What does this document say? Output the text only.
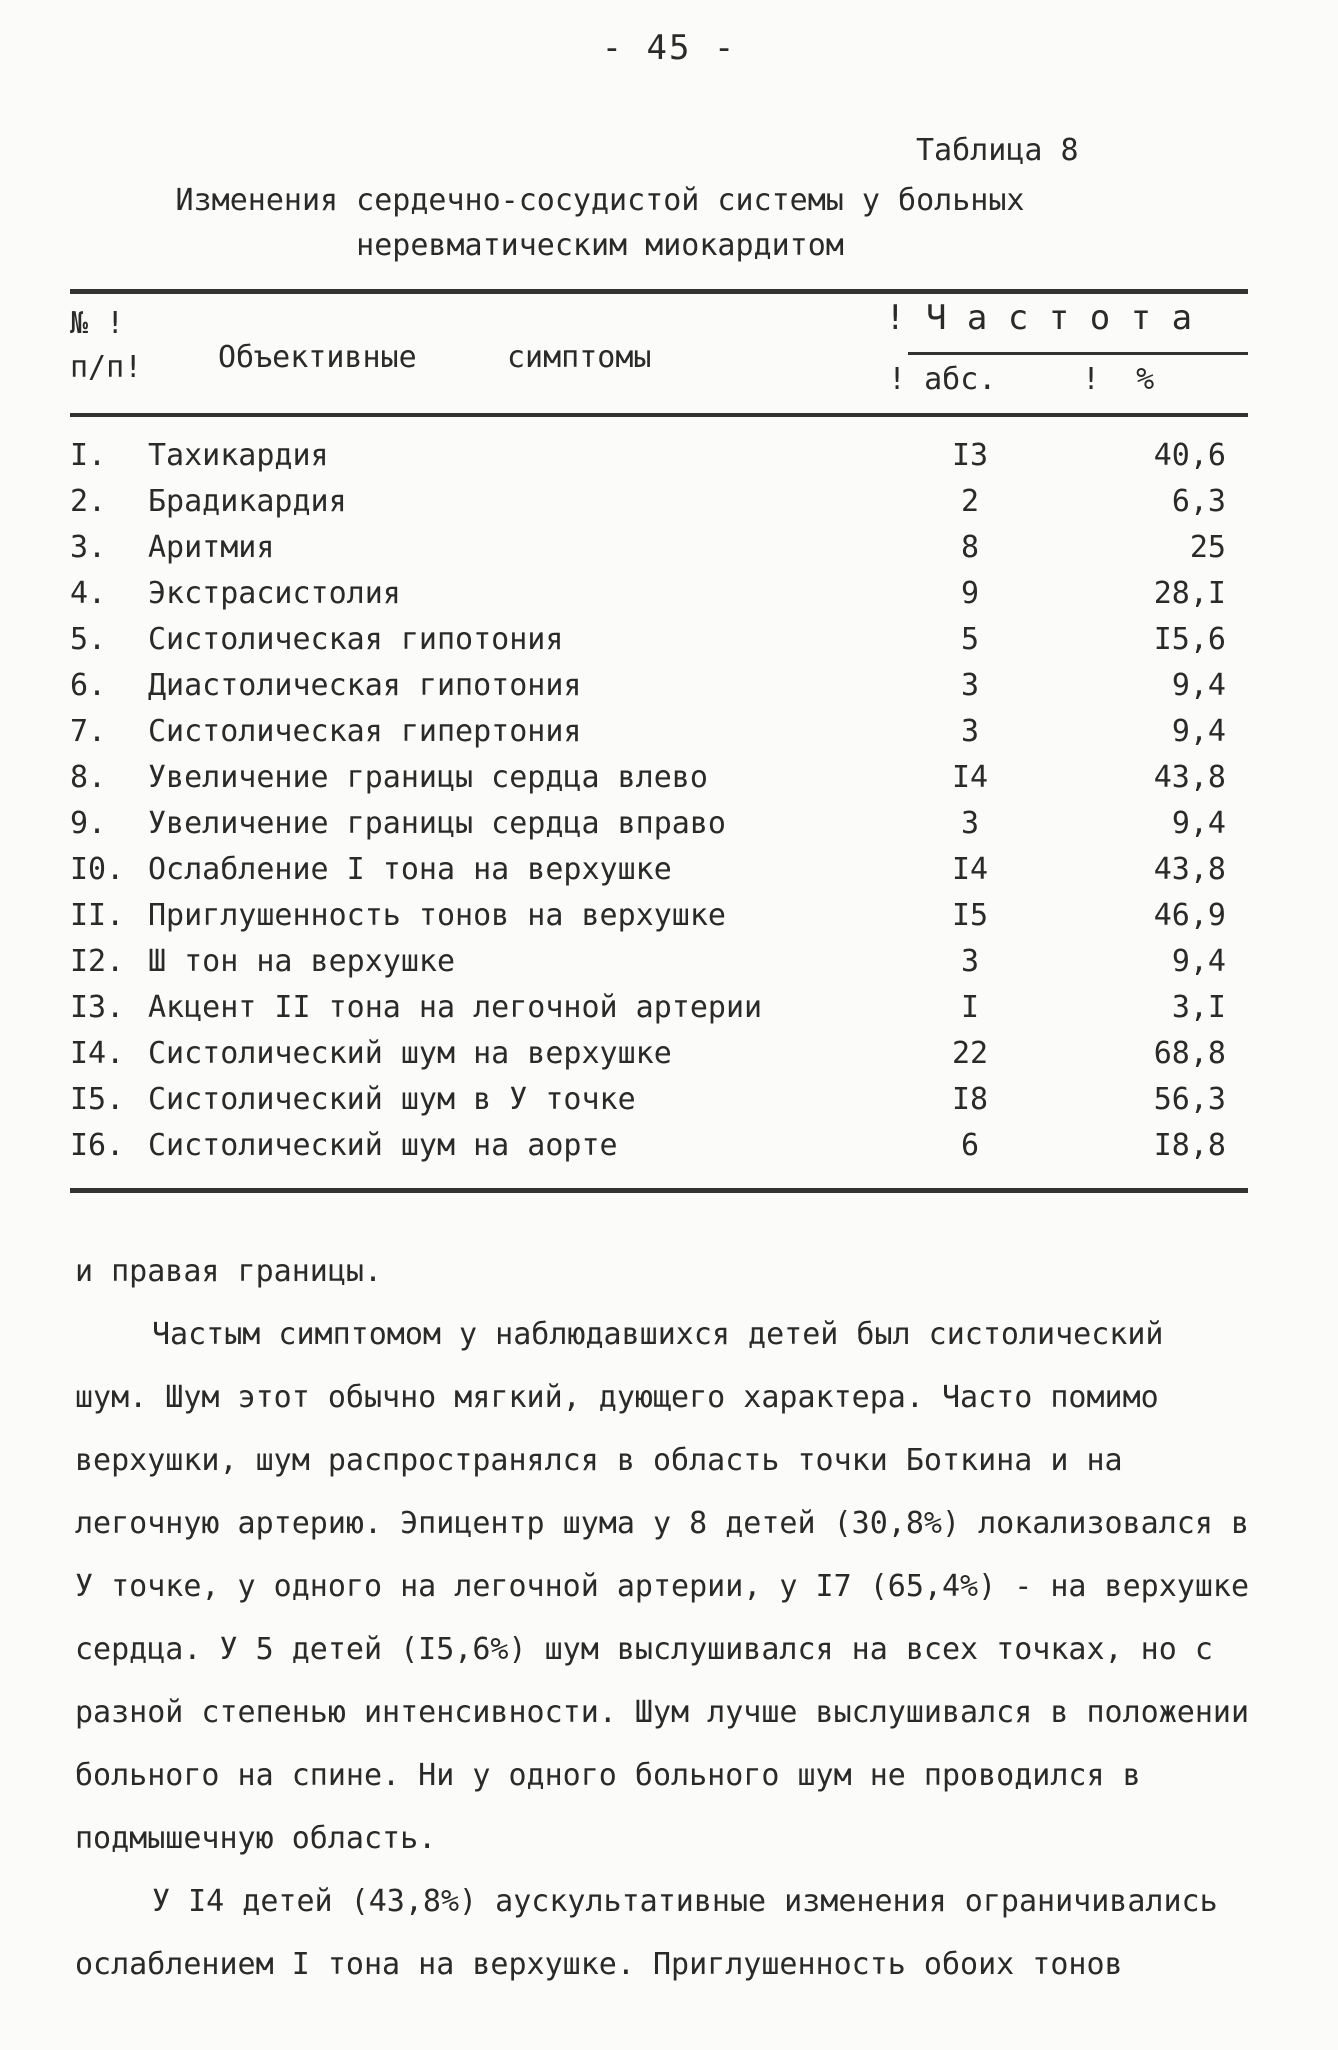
- 45 -
Таблица 8
Изменения сердечно-сосудистой системы у больных
неревматическим миокардитом
№ !
п/п!	Объективные     симптомы
! Ч а с т о т а
! абс.	!  %
I. Тахикардия	I3	40,6
2. Брадикардия	2	6,3
3. Аритмия	8	25
4. Экстрасистолия	9	28,I
5. Систолическая гипотония	5	I5,6
6. Диастолическая гипотония	3	9,4
7. Систолическая гипертония	3	9,4
8. Увеличение границы сердца влево	I4	43,8
9. Увеличение границы сердца вправо	3	9,4
I0. Ослабление I тона на верхушке	I4	43,8
II. Приглушенность тонов на верхушке	I5	46,9
I2. Ш тон на верхушке	3	9,4
I3. Акцент II тона на легочной артерии	I	3,I
I4. Систолический шум на верхушке	22	68,8
I5. Систолический шум в У точке	I8	56,3
I6. Систолический шум на аорте	6	I8,8

и правая границы.

Частым симптомом у наблюдавшихся детей был систолический шум. Шум этот обычно мягкий, дующего характера. Часто помимо верхушки, шум распространялся в область точки Боткина и на легочную артерию. Эпицентр шума у 8 детей (30,8%) локализовался в У точке, у одного на легочной артерии, у I7 (65,4%) - на верхушке сердца. У 5 детей (I5,6%) шум выслушивался на всех точках, но с разной степенью интенсивности. Шум лучше выслушивался в положении больного на спине. Ни у одного больного шум не проводился в подмышечную область.

У I4 детей (43,8%) аускультативные изменения ограничивались ослаблением I тона на верхушке. Приглушенность обоих тонов
